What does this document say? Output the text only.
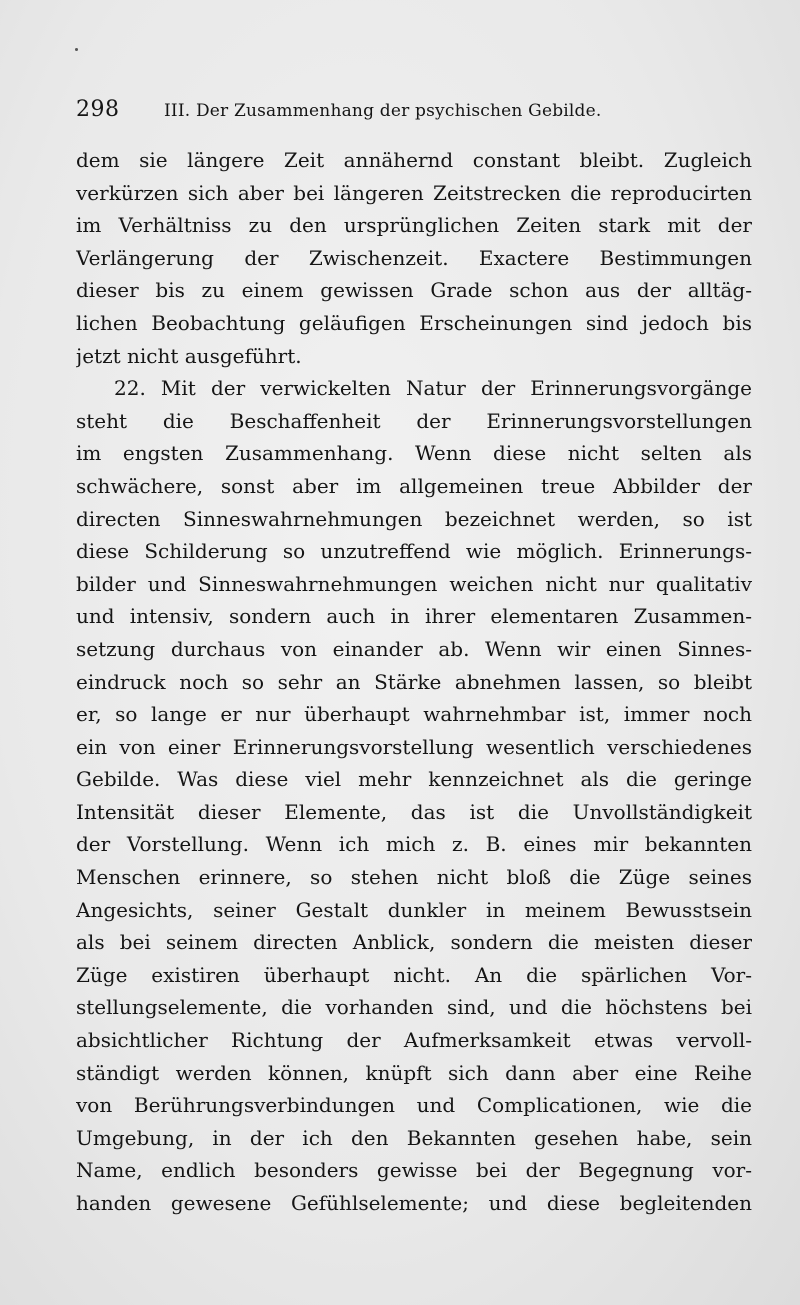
298	III. Der Zusammenhang der psychischen Gebilde.
dem sie längere Zeit annähernd constant bleibt. Zugleich
verkürzen sich aber bei längeren Zeitstrecken die reproducirten
im Verhältniss zu den ursprünglichen Zeiten stark mit der
Verlängerung der Zwischenzeit. Exactere Bestimmungen
dieser bis zu einem gewissen Grade schon aus der alltäg-
lichen Beobachtung geläufigen Erscheinungen sind jedoch bis
jetzt nicht ausgeführt.
22. Mit der verwickelten Natur der Erinnerungsvorgänge
steht die Beschaffenheit der Erinnerungsvorstellungen
im engsten Zusammenhang. Wenn diese nicht selten als
schwächere, sonst aber im allgemeinen treue Abbilder der
directen Sinneswahrnehmungen bezeichnet werden, so ist
diese Schilderung so unzutreffend wie möglich. Erinnerungs-
bilder und Sinneswahrnehmungen weichen nicht nur qualitativ
und intensiv, sondern auch in ihrer elementaren Zusammen-
setzung durchaus von einander ab. Wenn wir einen Sinnes-
eindruck noch so sehr an Stärke abnehmen lassen, so bleibt
er, so lange er nur überhaupt wahrnehmbar ist, immer noch
ein von einer Erinnerungsvorstellung wesentlich verschiedenes
Gebilde. Was diese viel mehr kennzeichnet als die geringe
Intensität dieser Elemente, das ist die Unvollständigkeit
der Vorstellung. Wenn ich mich z. B. eines mir bekannten
Menschen erinnere, so stehen nicht bloß die Züge seines
Angesichts, seiner Gestalt dunkler in meinem Bewusstsein
als bei seinem directen Anblick, sondern die meisten dieser
Züge existiren überhaupt nicht. An die spärlichen Vor-
stellungselemente, die vorhanden sind, und die höchstens bei
absichtlicher Richtung der Aufmerksamkeit etwas vervoll-
ständigt werden können, knüpft sich dann aber eine Reihe
von Berührungsverbindungen und Complicationen, wie die
Umgebung, in der ich den Bekannten gesehen habe, sein
Name, endlich besonders gewisse bei der Begegnung vor-
handen gewesene Gefühlselemente; und diese begleitenden
